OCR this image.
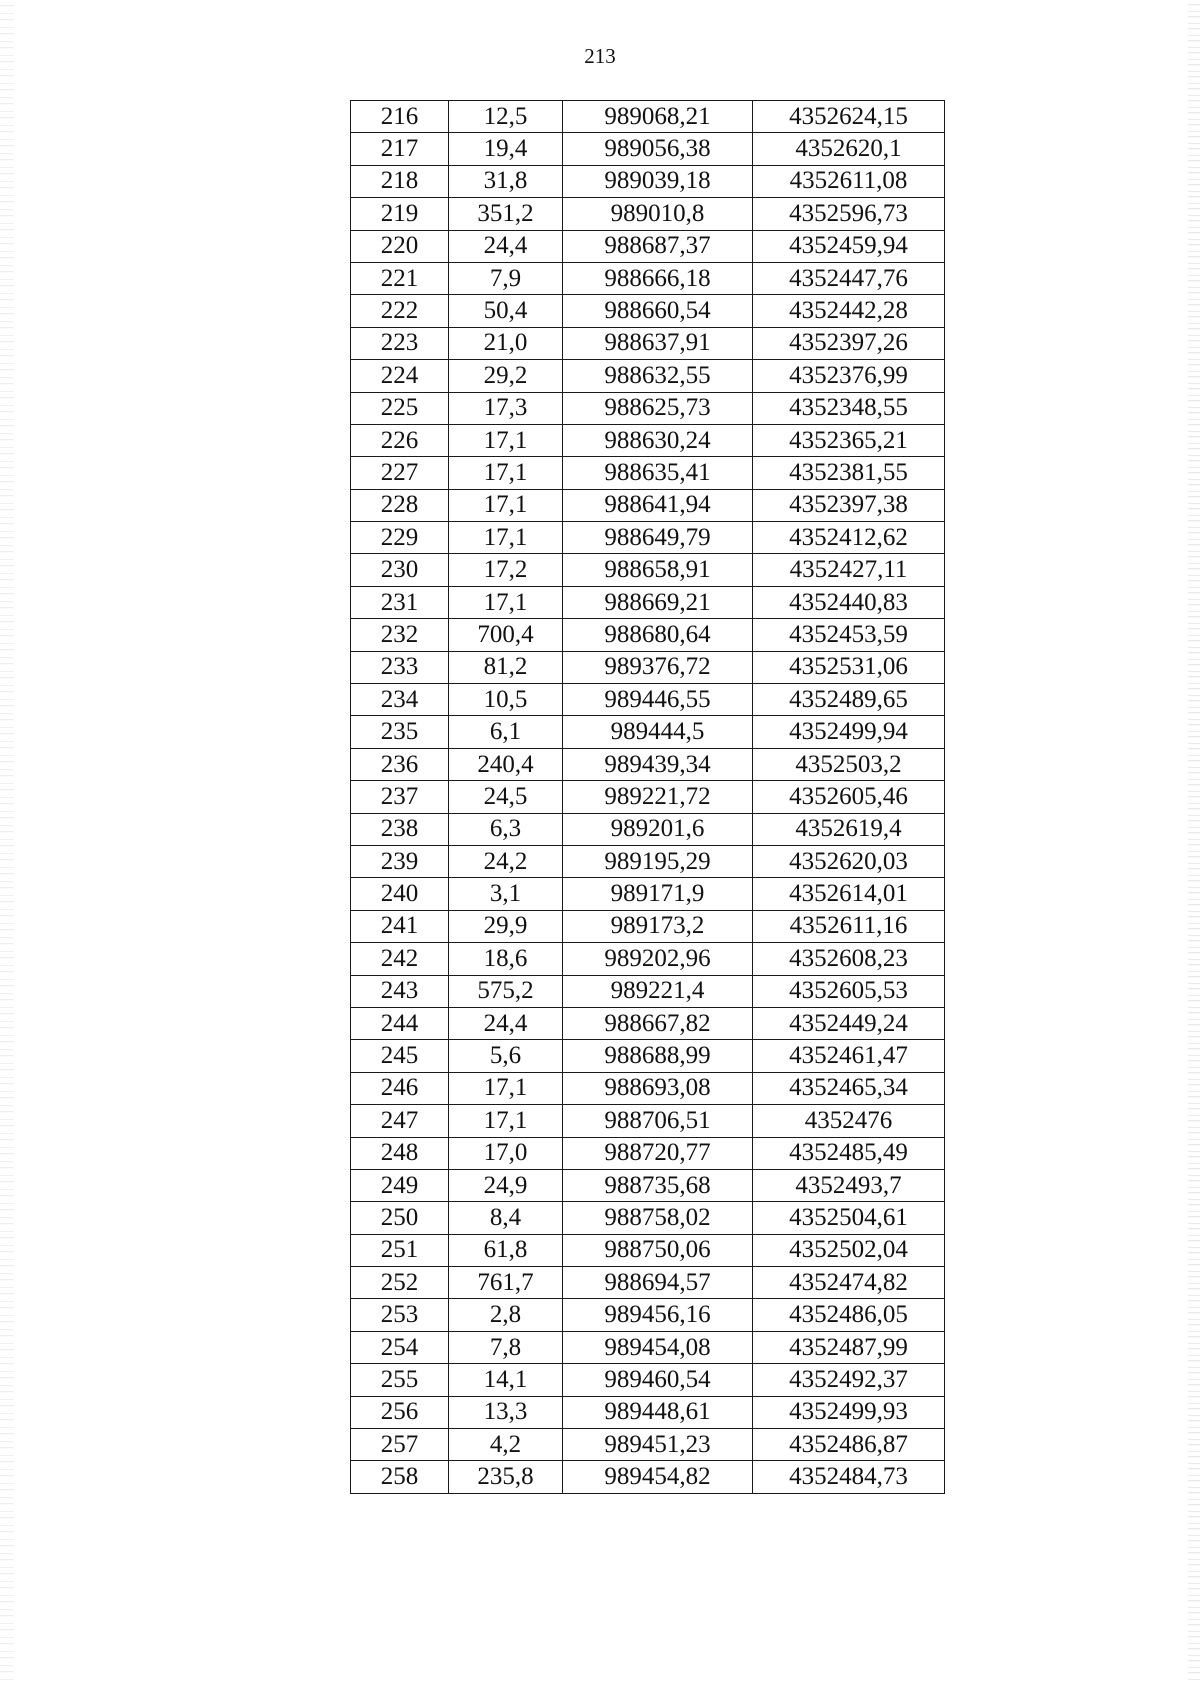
213
216	12,5	989068,21	4352624,15
217	19,4	989056,38	4352620,1
218	31,8	989039,18	4352611,08
219	351,2	989010,8	4352596,73
220	24,4	988687,37	4352459,94
221	7,9	988666,18	4352447,76
222	50,4	988660,54	4352442,28
223	21,0	988637,91	4352397,26
224	29,2	988632,55	4352376,99
225	17,3	988625,73	4352348,55
226	17,1	988630,24	4352365,21
227	17,1	988635,41	4352381,55
228	17,1	988641,94	4352397,38
229	17,1	988649,79	4352412,62
230	17,2	988658,91	4352427,11
231	17,1	988669,21	4352440,83
232	700,4	988680,64	4352453,59
233	81,2	989376,72	4352531,06
234	10,5	989446,55	4352489,65
235	6,1	989444,5	4352499,94
236	240,4	989439,34	4352503,2
237	24,5	989221,72	4352605,46
238	6,3	989201,6	4352619,4
239	24,2	989195,29	4352620,03
240	3,1	989171,9	4352614,01
241	29,9	989173,2	4352611,16
242	18,6	989202,96	4352608,23
243	575,2	989221,4	4352605,53
244	24,4	988667,82	4352449,24
245	5,6	988688,99	4352461,47
246	17,1	988693,08	4352465,34
247	17,1	988706,51	4352476
248	17,0	988720,77	4352485,49
249	24,9	988735,68	4352493,7
250	8,4	988758,02	4352504,61
251	61,8	988750,06	4352502,04
252	761,7	988694,57	4352474,82
253	2,8	989456,16	4352486,05
254	7,8	989454,08	4352487,99
255	14,1	989460,54	4352492,37
256	13,3	989448,61	4352499,93
257	4,2	989451,23	4352486,87
258	235,8	989454,82	4352484,73
